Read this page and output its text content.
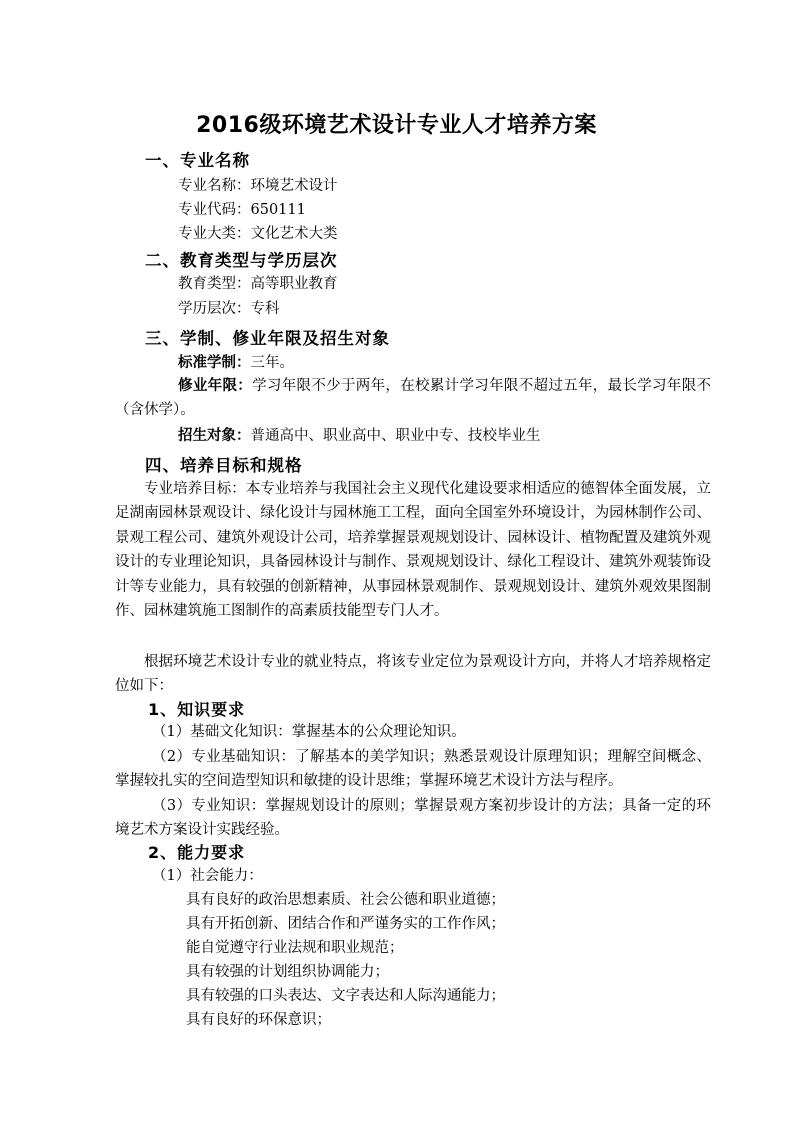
2016级环境艺术设计专业人才培养方案
一、专业名称
专业名称：环境艺术设计
专业代码：650111
专业大类：文化艺术大类
二、教育类型与学历层次
教育类型：高等职业教育
学历层次：专科
三、学制、修业年限及招生对象
标准学制：三年。
修业年限：学习年限不少于两年，在校累计学习年限不超过五年，最长学习年限不（含休学）。
招生对象：普通高中、职业高中、职业中专、技校毕业生
四、培养目标和规格
专业培养目标：本专业培养与我国社会主义现代化建设要求相适应的德智体全面发展，立足湖南园林景观设计、绿化设计与园林施工工程，面向全国室外环境设计，为园林制作公司、景观工程公司、建筑外观设计公司，培养掌握景观规划设计、园林设计、植物配置及建筑外观设计的专业理论知识，具备园林设计与制作、景观规划设计、绿化工程设计、建筑外观装饰设计等专业能力，具有较强的创新精神，从事园林景观制作、景观规划设计、建筑外观效果图制作、园林建筑施工图制作的高素质技能型专门人才。
根据环境艺术设计专业的就业特点，将该专业定位为景观设计方向，并将人才培养规格定位如下：
1、知识要求
（1）基础文化知识：掌握基本的公众理论知识。
（2）专业基础知识：了解基本的美学知识；熟悉景观设计原理知识；理解空间概念、掌握较扎实的空间造型知识和敏捷的设计思维；掌握环境艺术设计方法与程序。
（3）专业知识：掌握规划设计的原则；掌握景观方案初步设计的方法；具备一定的环境艺术方案设计实践经验。
2、能力要求
（1）社会能力：
具有良好的政治思想素质、社会公德和职业道德；
具有开拓创新、团结合作和严谨务实的工作作风；
能自觉遵守行业法规和职业规范；
具有较强的计划组织协调能力；
具有较强的口头表达、文字表达和人际沟通能力；
具有良好的环保意识；
